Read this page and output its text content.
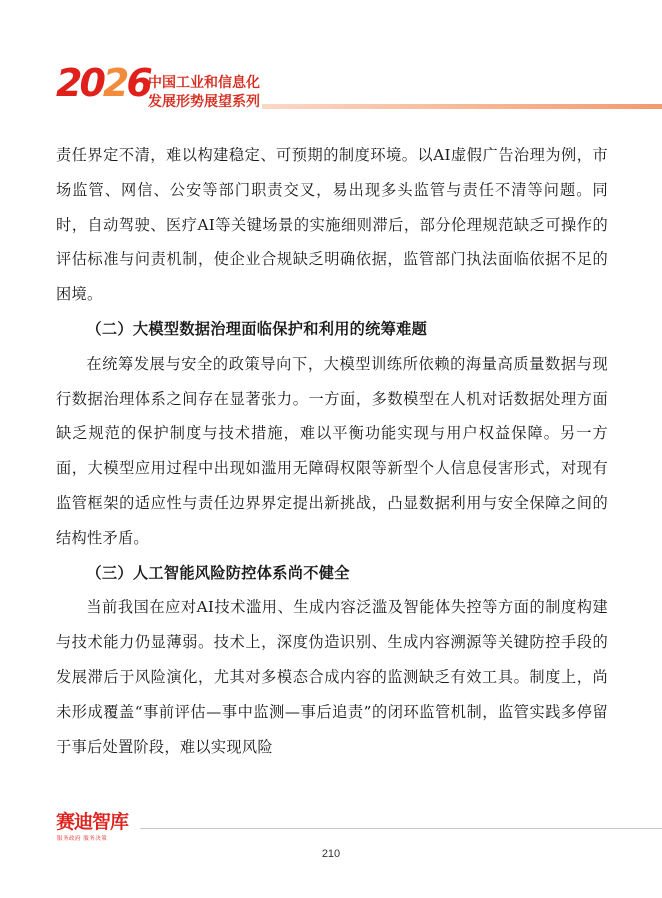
2026
中国工业和信息化
发展形势展望系列

责任界定不清，难以构建稳定、可预期的制度环境。以AI虚假广告治理为例，市场监管、网信、公安等部门职责交叉，易出现多头监管与责任不清等问题。同时，自动驾驶、医疗AI等关键场景的实施细则滞后，部分伦理规范缺乏可操作的评估标准与问责机制，使企业合规缺乏明确依据，监管部门执法面临依据不足的困境。

（二）大模型数据治理面临保护和利用的统筹难题

在统筹发展与安全的政策导向下，大模型训练所依赖的海量高质量数据与现行数据治理体系之间存在显著张力。一方面，多数模型在人机对话数据处理方面缺乏规范的保护制度与技术措施，难以平衡功能实现与用户权益保障。另一方面，大模型应用过程中出现如滥用无障碍权限等新型个人信息侵害形式，对现有监管框架的适应性与责任边界界定提出新挑战，凸显数据利用与安全保障之间的结构性矛盾。

（三）人工智能风险防控体系尚不健全

当前我国在应对AI技术滥用、生成内容泛滥及智能体失控等方面的制度构建与技术能力仍显薄弱。技术上，深度伪造识别、生成内容溯源等关键防控手段的发展滞后于风险演化，尤其对多模态合成内容的监测缺乏有效工具。制度上，尚未形成覆盖“事前评估—事中监测—事后追责”的闭环监管机制，监管实践多停留于事后处置阶段，难以实现风险

赛迪智库
服务政府 服务决策
210
